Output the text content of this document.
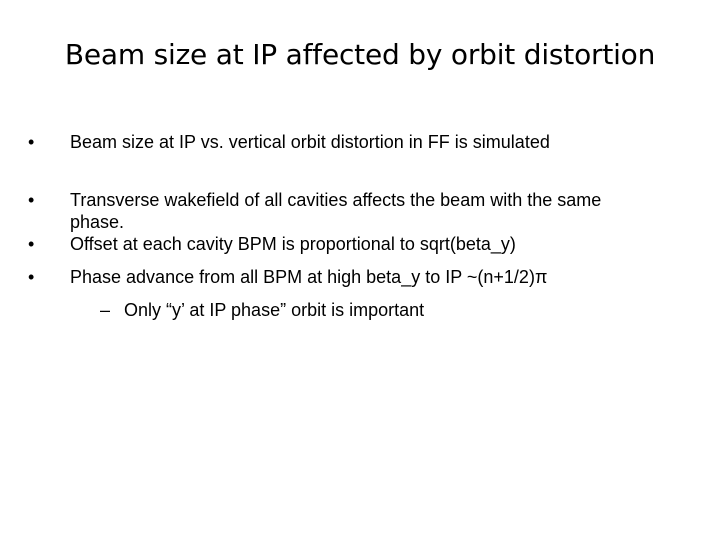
Beam size at IP affected by orbit distortion
•	Beam size at IP vs. vertical orbit distortion in FF is simulated
•	Transverse wakefield of all cavities affects the beam with the same
phase.
•	Offset at each cavity BPM is proportional to sqrt(beta_y)
•	Phase advance from all BPM at high beta_y to IP ~(n+1/2)π
– Only “y’ at IP phase” orbit is important
